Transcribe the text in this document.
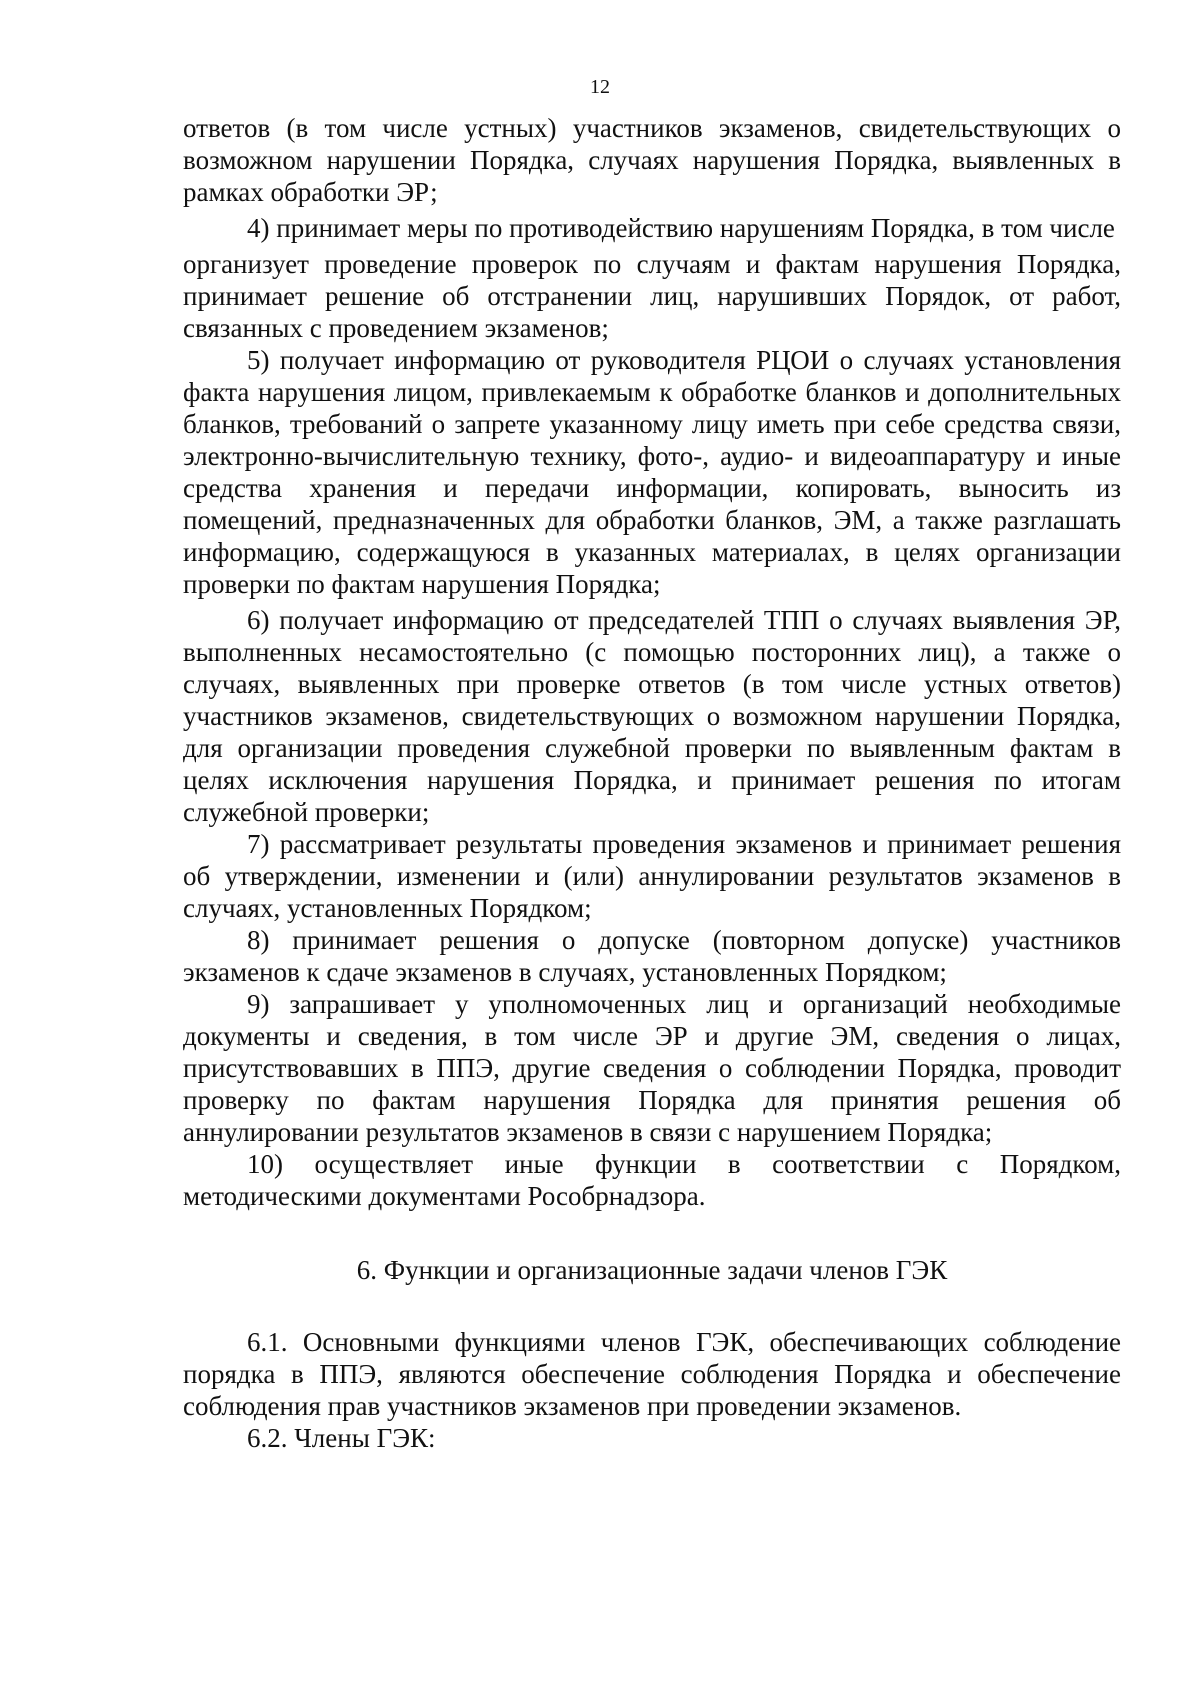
12

ответов (в том числе устных) участников экзаменов, свидетельствующих о возможном нарушении Порядка, случаях нарушения Порядка, выявленных в рамках обработки ЭР;

4) принимает меры по противодействию нарушениям Порядка, в том числе

организует проведение проверок по случаям и фактам нарушения Порядка, принимает решение об отстранении лиц, нарушивших Порядок, от работ, связанных с проведением экзаменов;

5) получает информацию от руководителя РЦОИ о случаях установления факта нарушения лицом, привлекаемым к обработке бланков и дополнительных бланков, требований о запрете указанному лицу иметь при себе средства связи, электронно-вычислительную технику, фото-, аудио- и видеоаппаратуру и иные средства хранения и передачи информации, копировать, выносить из помещений, предназначенных для обработки бланков, ЭМ, а также разглашать информацию, содержащуюся в указанных материалах, в целях организации проверки по фактам нарушения Порядка;

6) получает информацию от председателей ТПП о случаях выявления ЭР, выполненных несамостоятельно (с помощью посторонних лиц), а также о случаях, выявленных при проверке ответов (в том числе устных ответов) участников экзаменов, свидетельствующих о возможном нарушении Порядка, для организации проведения служебной проверки по выявленным фактам в целях исключения нарушения Порядка, и принимает решения по итогам служебной проверки;

7) рассматривает результаты проведения экзаменов и принимает решения об утверждении, изменении и (или) аннулировании результатов экзаменов в случаях, установленных Порядком;

8) принимает решения о допуске (повторном допуске) участников экзаменов к сдаче экзаменов в случаях, установленных Порядком;

9) запрашивает у уполномоченных лиц и организаций необходимые документы и сведения, в том числе ЭР и другие ЭМ, сведения о лицах, присутствовавших в ППЭ, другие сведения о соблюдении Порядка, проводит проверку по фактам нарушения Порядка для принятия решения об аннулировании результатов экзаменов в связи с нарушением Порядка;

10) осуществляет иные функции в соответствии с Порядком, методическими документами Рособрнадзора.

6. Функции и организационные задачи членов ГЭК

6.1. Основными функциями членов ГЭК, обеспечивающих соблюдение порядка в ППЭ, являются обеспечение соблюдения Порядка и обеспечение соблюдения прав участников экзаменов при проведении экзаменов.

6.2. Члены ГЭК:
